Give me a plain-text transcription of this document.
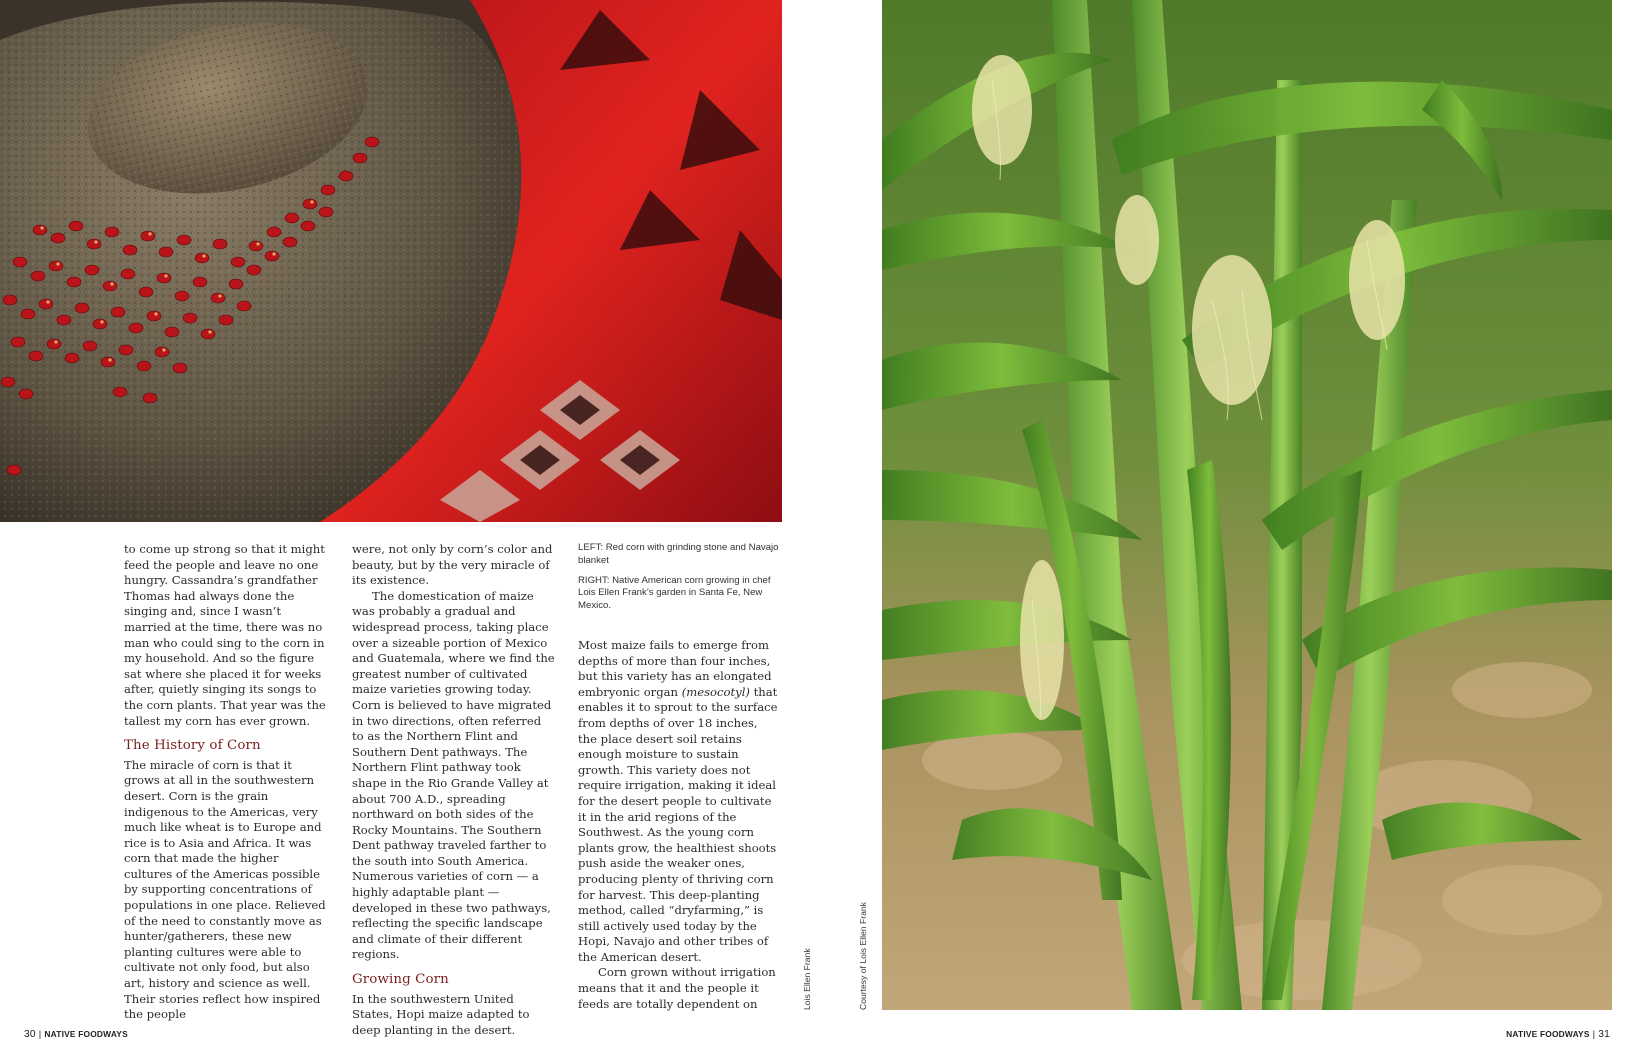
to come up strong so that it might feed the people and leave no one hungry. Cassandra’s grandfather Thomas had always done the singing and, since I wasn’t married at the time, there was no man who could sing to the corn in my household. And so the figure sat where she placed it for weeks after, quietly singing its songs to the corn plants. That year was the tallest my corn has ever grown.

The History of Corn

The miracle of corn is that it grows at all in the southwestern desert. Corn is the grain indigenous to the Americas, very much like wheat is to Europe and rice is to Asia and Africa. It was corn that made the higher cultures of the Americas possible by supporting concentrations of populations in one place. Relieved of the need to constantly move as hunter/gatherers, these new planting cultures were able to cultivate not only food, but also art, history and science as well. Their stories reflect how inspired the people

were, not only by corn’s color and beauty, but by the very miracle of its existence.

The domestication of maize was probably a gradual and widespread process, taking place over a sizeable portion of Mexico and Guatemala, where we find the greatest number of cultivated maize varieties growing today. Corn is believed to have migrated in two directions, often referred to as the Northern Flint and Southern Dent pathways. The Northern Flint pathway took shape in the Rio Grande Valley at about 700 A.D., spreading northward on both sides of the Rocky Mountains. The Southern Dent pathway traveled farther to the south into South America. Numerous varieties of corn — a highly adaptable plant — developed in these two pathways, reflecting the specific landscape and climate of their different regions.

Growing Corn

In the southwestern United States, Hopi maize adapted to deep planting in the desert.

LEFT: Red corn with grinding stone and Navajo blanket

RIGHT: Native American corn growing in chef Lois Ellen Frank’s garden in Santa Fe, New Mexico.

Most maize fails to emerge from depths of more than four inches, but this variety has an elongated embryonic organ (mesocotyl) that enables it to sprout to the surface from depths of over 18 inches, the place desert soil retains enough moisture to sustain growth. This variety does not require irrigation, making it ideal for the desert people to cultivate it in the arid regions of the Southwest. As the young corn plants grow, the healthiest shoots push aside the weaker ones, producing plenty of thriving corn for harvest. This deep-planting method, called “dryfarming,” is still actively used today by the Hopi, Navajo and other tribes of the American desert.

Corn grown without irrigation means that it and the people it feeds are totally dependent on	Lois Ellen Frank	Courtesy of Lois Ellen Frank
30 | NATIVE FOODWAYS	NATIVE FOODWAYS | 31
